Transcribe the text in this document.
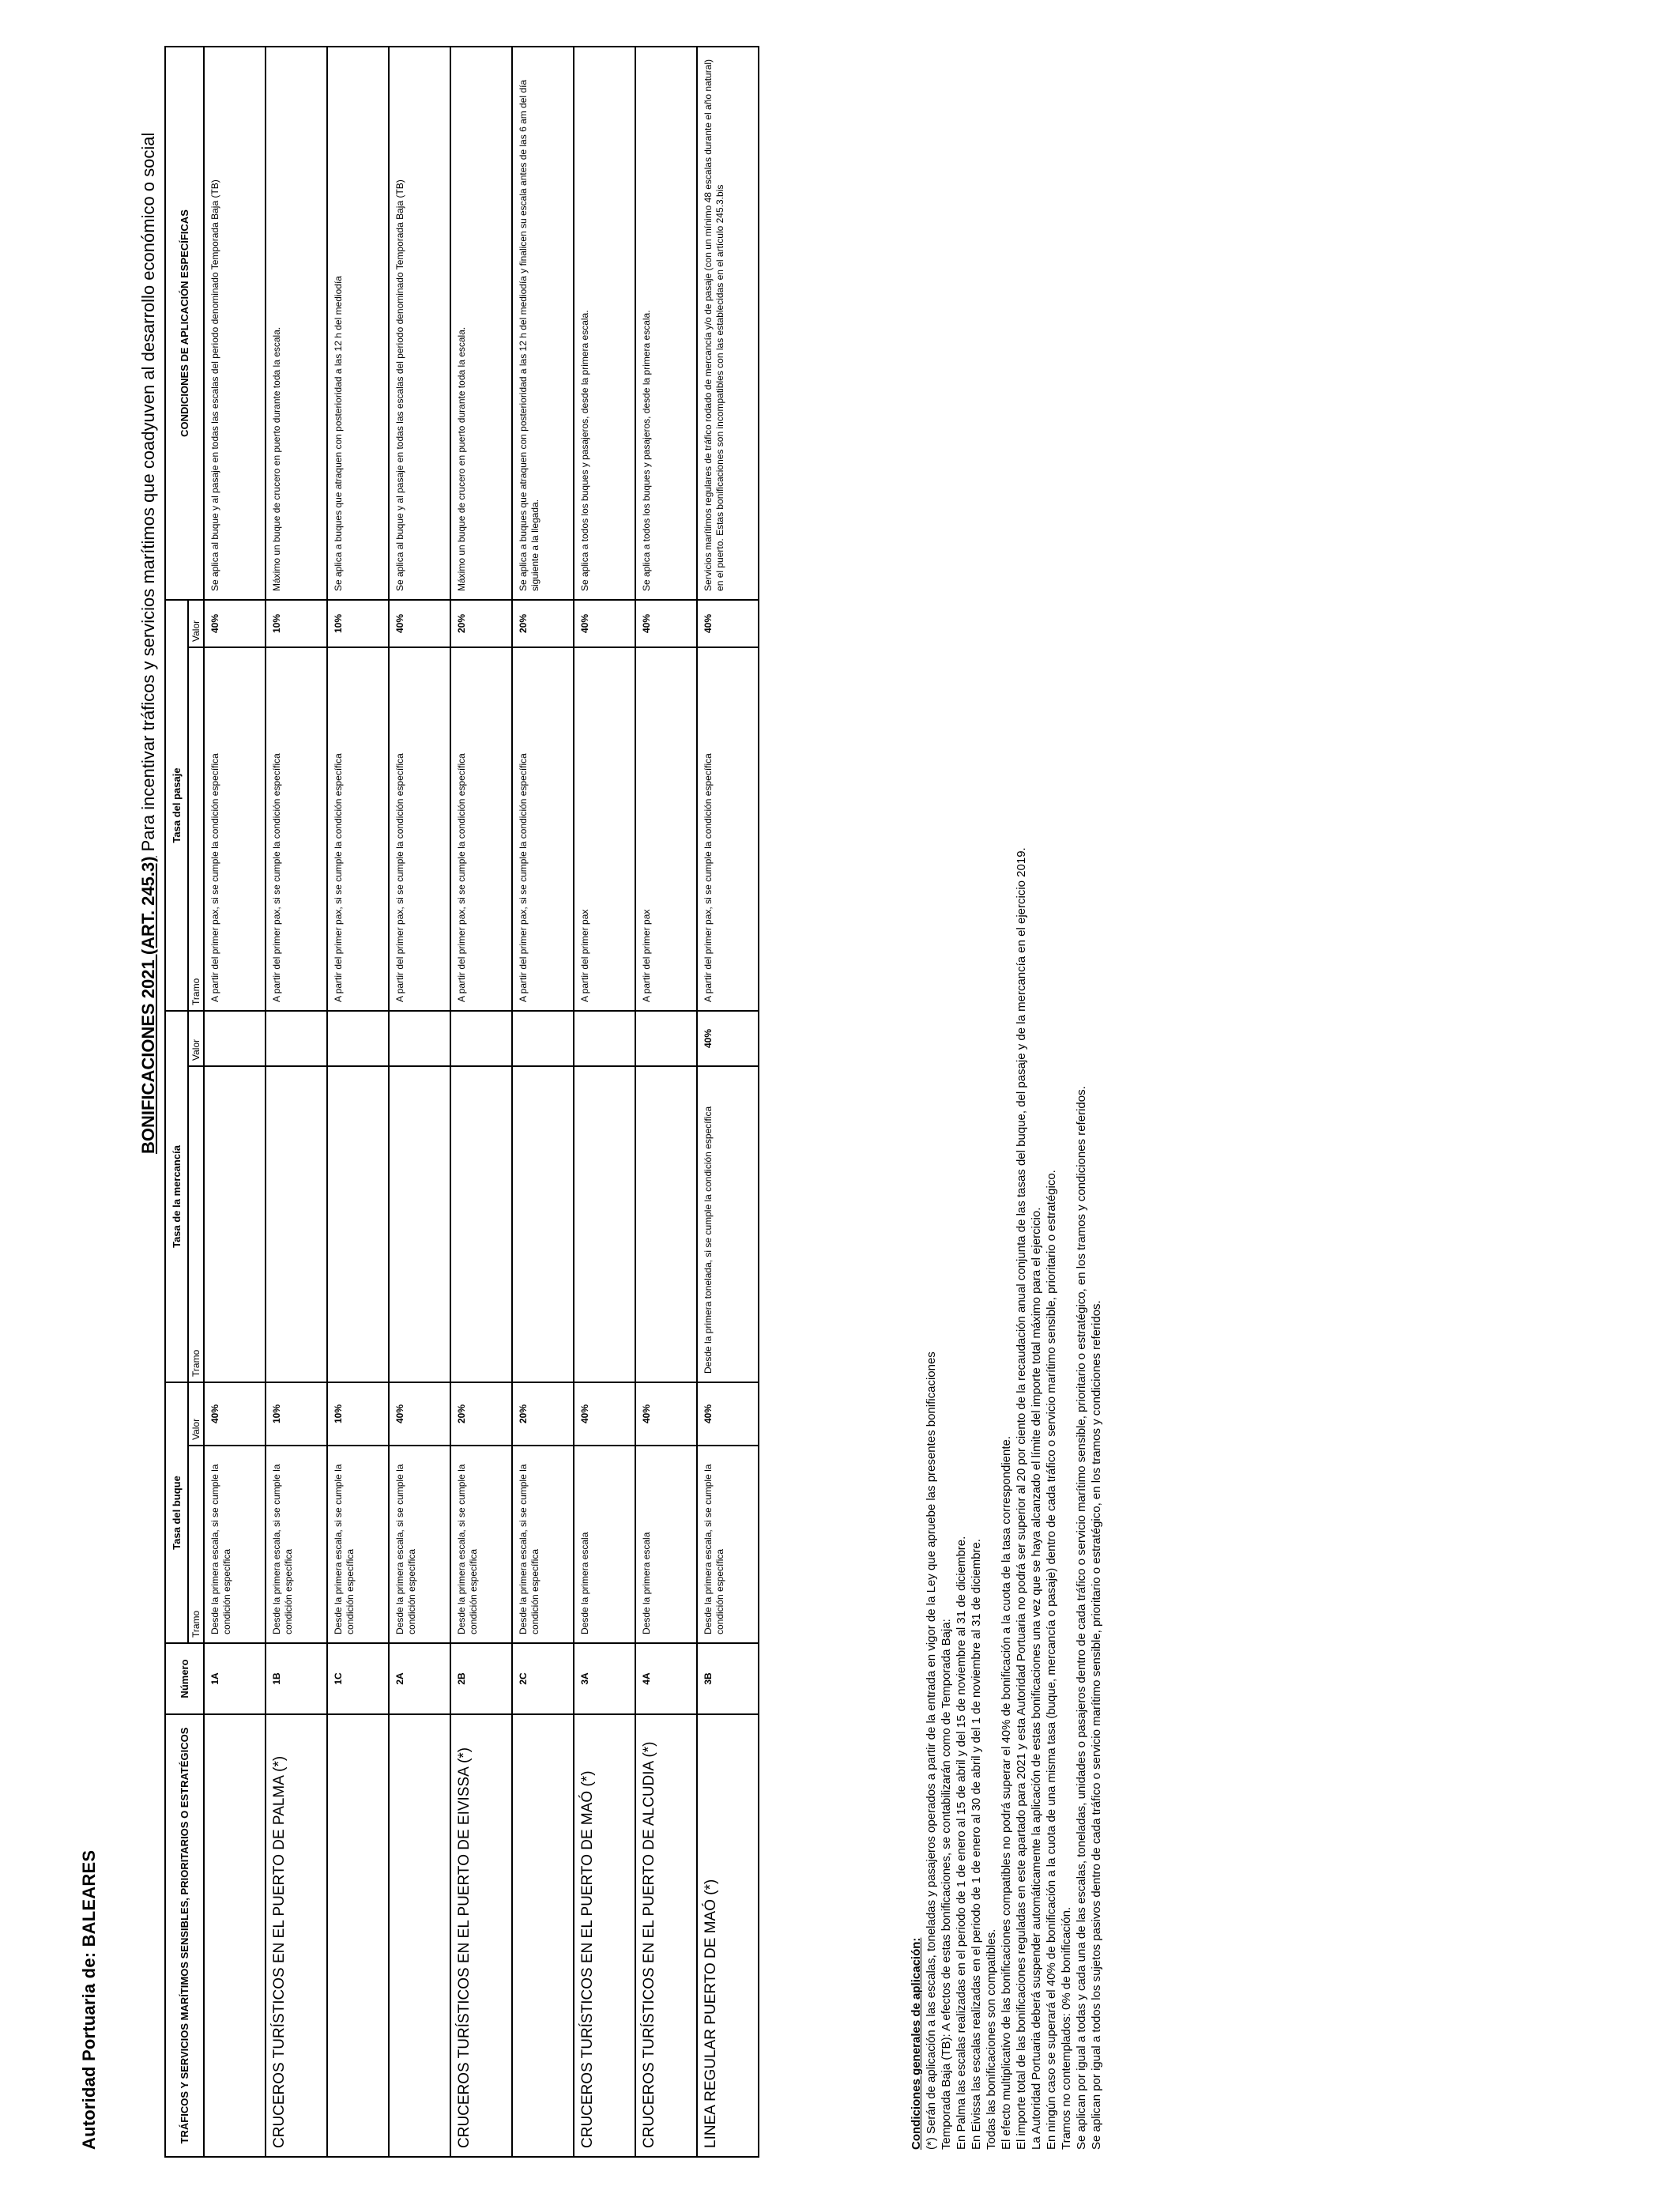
Autoridad Portuaria de: BALEARES
BONIFICACIONES 2021 (ART. 245.3) Para incentivar tráficos y servicios marítimos que coadyuven al desarrollo económico o social
TRÁFICOS Y SERVICIOS MARÍTIMOS SENSIBLES, PRIORITARIOS O ESTRATÉGICOS	Número	Tasa del buque		Tasa de la mercancía		Tasa del pasaje		CONDICIONES DE APLICACIÓN ESPECÍFICAS
		Tramo	Valor	Tramo	Valor	Tramo	Valor	
	1A	Desde la primera escala, si se cumple la condición específica	40%			A partir del primer pax, si se cumple la condición específica	40%	Se aplica al buque y al pasaje en todas las escalas del periodo denominado Temporada Baja (TB)
CRUCEROS TURÍSTICOS EN EL PUERTO DE PALMA (*)	1B	Desde la primera escala, si se cumple la condición específica	10%			A partir del primer pax, si se cumple la condición específica	10%	Máximo un buque de crucero en puerto durante toda la escala.
	1C	Desde la primera escala, si se cumple la condición específica	10%			A partir del primer pax, si se cumple la condición específica	10%	Se aplica a buques que atraquen con posterioridad a las 12 h del mediodía
	2A	Desde la primera escala, si se cumple la condición específica	40%			A partir del primer pax, si se cumple la condición específica	40%	Se aplica al buque y al pasaje en todas las escalas del periodo denominado Temporada Baja (TB)
CRUCEROS TURÍSTICOS EN EL PUERTO DE EIVISSA (*)	2B	Desde la primera escala, si se cumple la condición específica	20%			A partir del primer pax, si se cumple la condición específica	20%	Máximo un buque de crucero en puerto durante toda la escala.
	2C	Desde la primera escala, si se cumple la condición específica	20%			A partir del primer pax, si se cumple la condición específica	20%	Se aplica a buques que atraquen con posterioridad a las 12 h del mediodía y finalicen su escala antes de las 6 am del día siguiente a la llegada.
CRUCEROS TURÍSTICOS EN EL PUERTO DE MAÓ (*)	3A	Desde la primera escala	40%			A partir del primer pax	40%	Se aplica a todos los buques y pasajeros, desde la primera escala.
CRUCEROS TURÍSTICOS EN EL PUERTO DE ALCUDIA (*)	4A	Desde la primera escala	40%			A partir del primer pax	40%	Se aplica a todos los buques y pasajeros, desde la primera escala.
LINEA REGULAR PUERTO DE MAÓ (*)	3B	Desde la primera escala, si se cumple la condición específica	40%	Desde la primera tonelada, si se cumple la condición específica	40%	A partir del primer pax, si se cumple la condición específica	40%	Servicios marítimos regulares de tráfico rodado de mercancía y/o de pasaje (con un mínimo 48 escalas durante el año natural) en el puerto. Estas bonificaciones son incompatibles con las establecidas en el artículo 245.3.bis

Condiciones generales de aplicación: (*) Serán de aplicación a las escalas, toneladas y pasajeros operados a partir de la entrada en vigor de la Ley que apruebe las presentes bonificaciones Temporada Baja (TB): A efectos de estas bonificaciones, se contabilizarán como de Temporada Baja: En Palma las escalas realizadas en el periodo de 1 de enero al 15 de abril y del 15 de noviembre al 31 de diciembre. En Eivissa las escalas realizadas en el periodo de 1 de enero al 30 de abril y del 1 de noviembre al 31 de diciembre. Todas las bonificaciones son compatibles. El efecto multiplicativo de las bonificaciones compatibles no podrá superar el 40% de bonificación a la cuota de la tasa correspondiente. El importe total de las bonificaciones reguladas en este apartado para 2021 y esta Autoridad Portuaria no podrá ser superior al 20 por ciento de la recaudación anual conjunta de las tasas del buque, del pasaje y de la mercancía en el ejercicio 2019. La Autoridad Portuaria deberá suspender automáticamente la aplicación de estas bonificaciones una vez que se haya alcanzado el límite del importe total máximo para el ejercicio. En ningún caso se superará el 40% de bonificación a la cuota de una misma tasa (buque, mercancía o pasaje) dentro de cada tráfico o servicio marítimo sensible, prioritario o estratégico. Tramos no contemplados: 0% de bonificación. Se aplican por igual a todas y cada una de las escalas, toneladas, unidades o pasajeros dentro de cada tráfico o servicio marítimo sensible, prioritario o estratégico, en los tramos y condiciones referidos. Se aplican por igual a todos los sujetos pasivos dentro de cada tráfico o servicio marítimo sensible, prioritario o estratégico, en los tramos y condiciones referidos.
